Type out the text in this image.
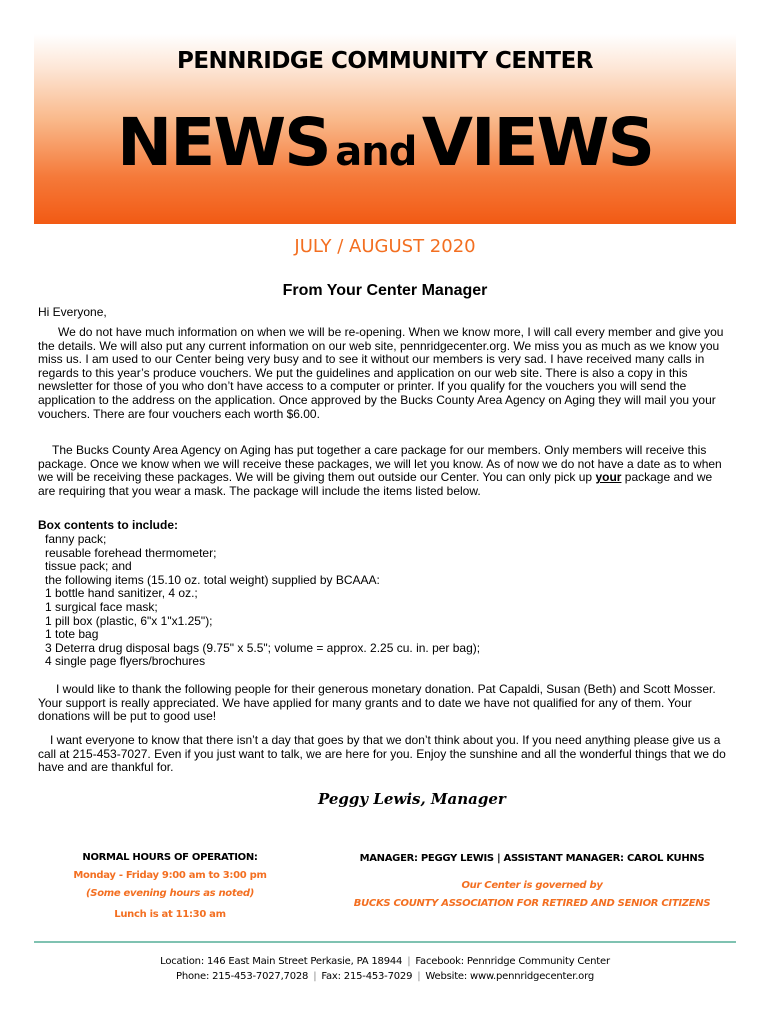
PENNRIDGE COMMUNITY CENTER
NEWS and VIEWS
JULY / AUGUST 2020
From Your Center Manager
Hi Everyone,
We do not have much information on when we will be re-opening. When we know more, I will call every member and give you the details. We will also put any current information on our web site, pennridgecenter.org. We miss you as much as we know you miss us. I am used to our Center being very busy and to see it without our members is very sad. I have received many calls in regards to this year’s produce vouchers. We put the guidelines and application on our web site. There is also a copy in this newsletter for those of you who don’t have access to a computer or printer. If you qualify for the vouchers you will send the application to the address on the application. Once approved by the Bucks County Area Agency on Aging they will mail you your vouchers. There are four vouchers each worth $6.00.
The Bucks County Area Agency on Aging has put together a care package for our members. Only members will receive this package. Once we know when we will receive these packages, we will let you know. As of now we do not have a date as to when we will be receiving these packages. We will be giving them out outside our Center. You can only pick up your package and we are requiring that you wear a mask. The package will include the items listed below.
Box contents to include:
fanny pack;
reusable forehead thermometer;
tissue pack; and
the following items (15.10 oz. total weight) supplied by BCAAA:
1 bottle hand sanitizer, 4 oz.;
1 surgical face mask;
1 pill box (plastic, 6"x 1"x1.25");
1 tote bag
3 Deterra drug disposal bags (9.75" x 5.5"; volume = approx. 2.25 cu. in. per bag);
4 single page flyers/brochures
I would like to thank the following people for their generous monetary donation. Pat Capaldi, Susan (Beth) and Scott Mosser. Your support is really appreciated. We have applied for many grants and to date we have not qualified for any of them. Your donations will be put to good use!
I want everyone to know that there isn’t a day that goes by that we don’t think about you. If you need anything please give us a call at 215-453-7027. Even if you just want to talk, we are here for you. Enjoy the sunshine and all the wonderful things that we do have and are thankful for.
Peggy Lewis, Manager
NORMAL HOURS OF OPERATION:
Monday - Friday 9:00 am to 3:00 pm
(Some evening hours as noted)
Lunch is at 11:30 am
MANAGER: PEGGY LEWIS | ASSISTANT MANAGER: CAROL KUHNS
Our Center is governed by
BUCKS COUNTY ASSOCIATION FOR RETIRED AND SENIOR CITIZENS
Location: 146 East Main Street Perkasie, PA 18944 | Facebook: Pennridge Community Center
Phone: 215-453-7027,7028 | Fax: 215-453-7029 | Website: www.pennridgecenter.org
